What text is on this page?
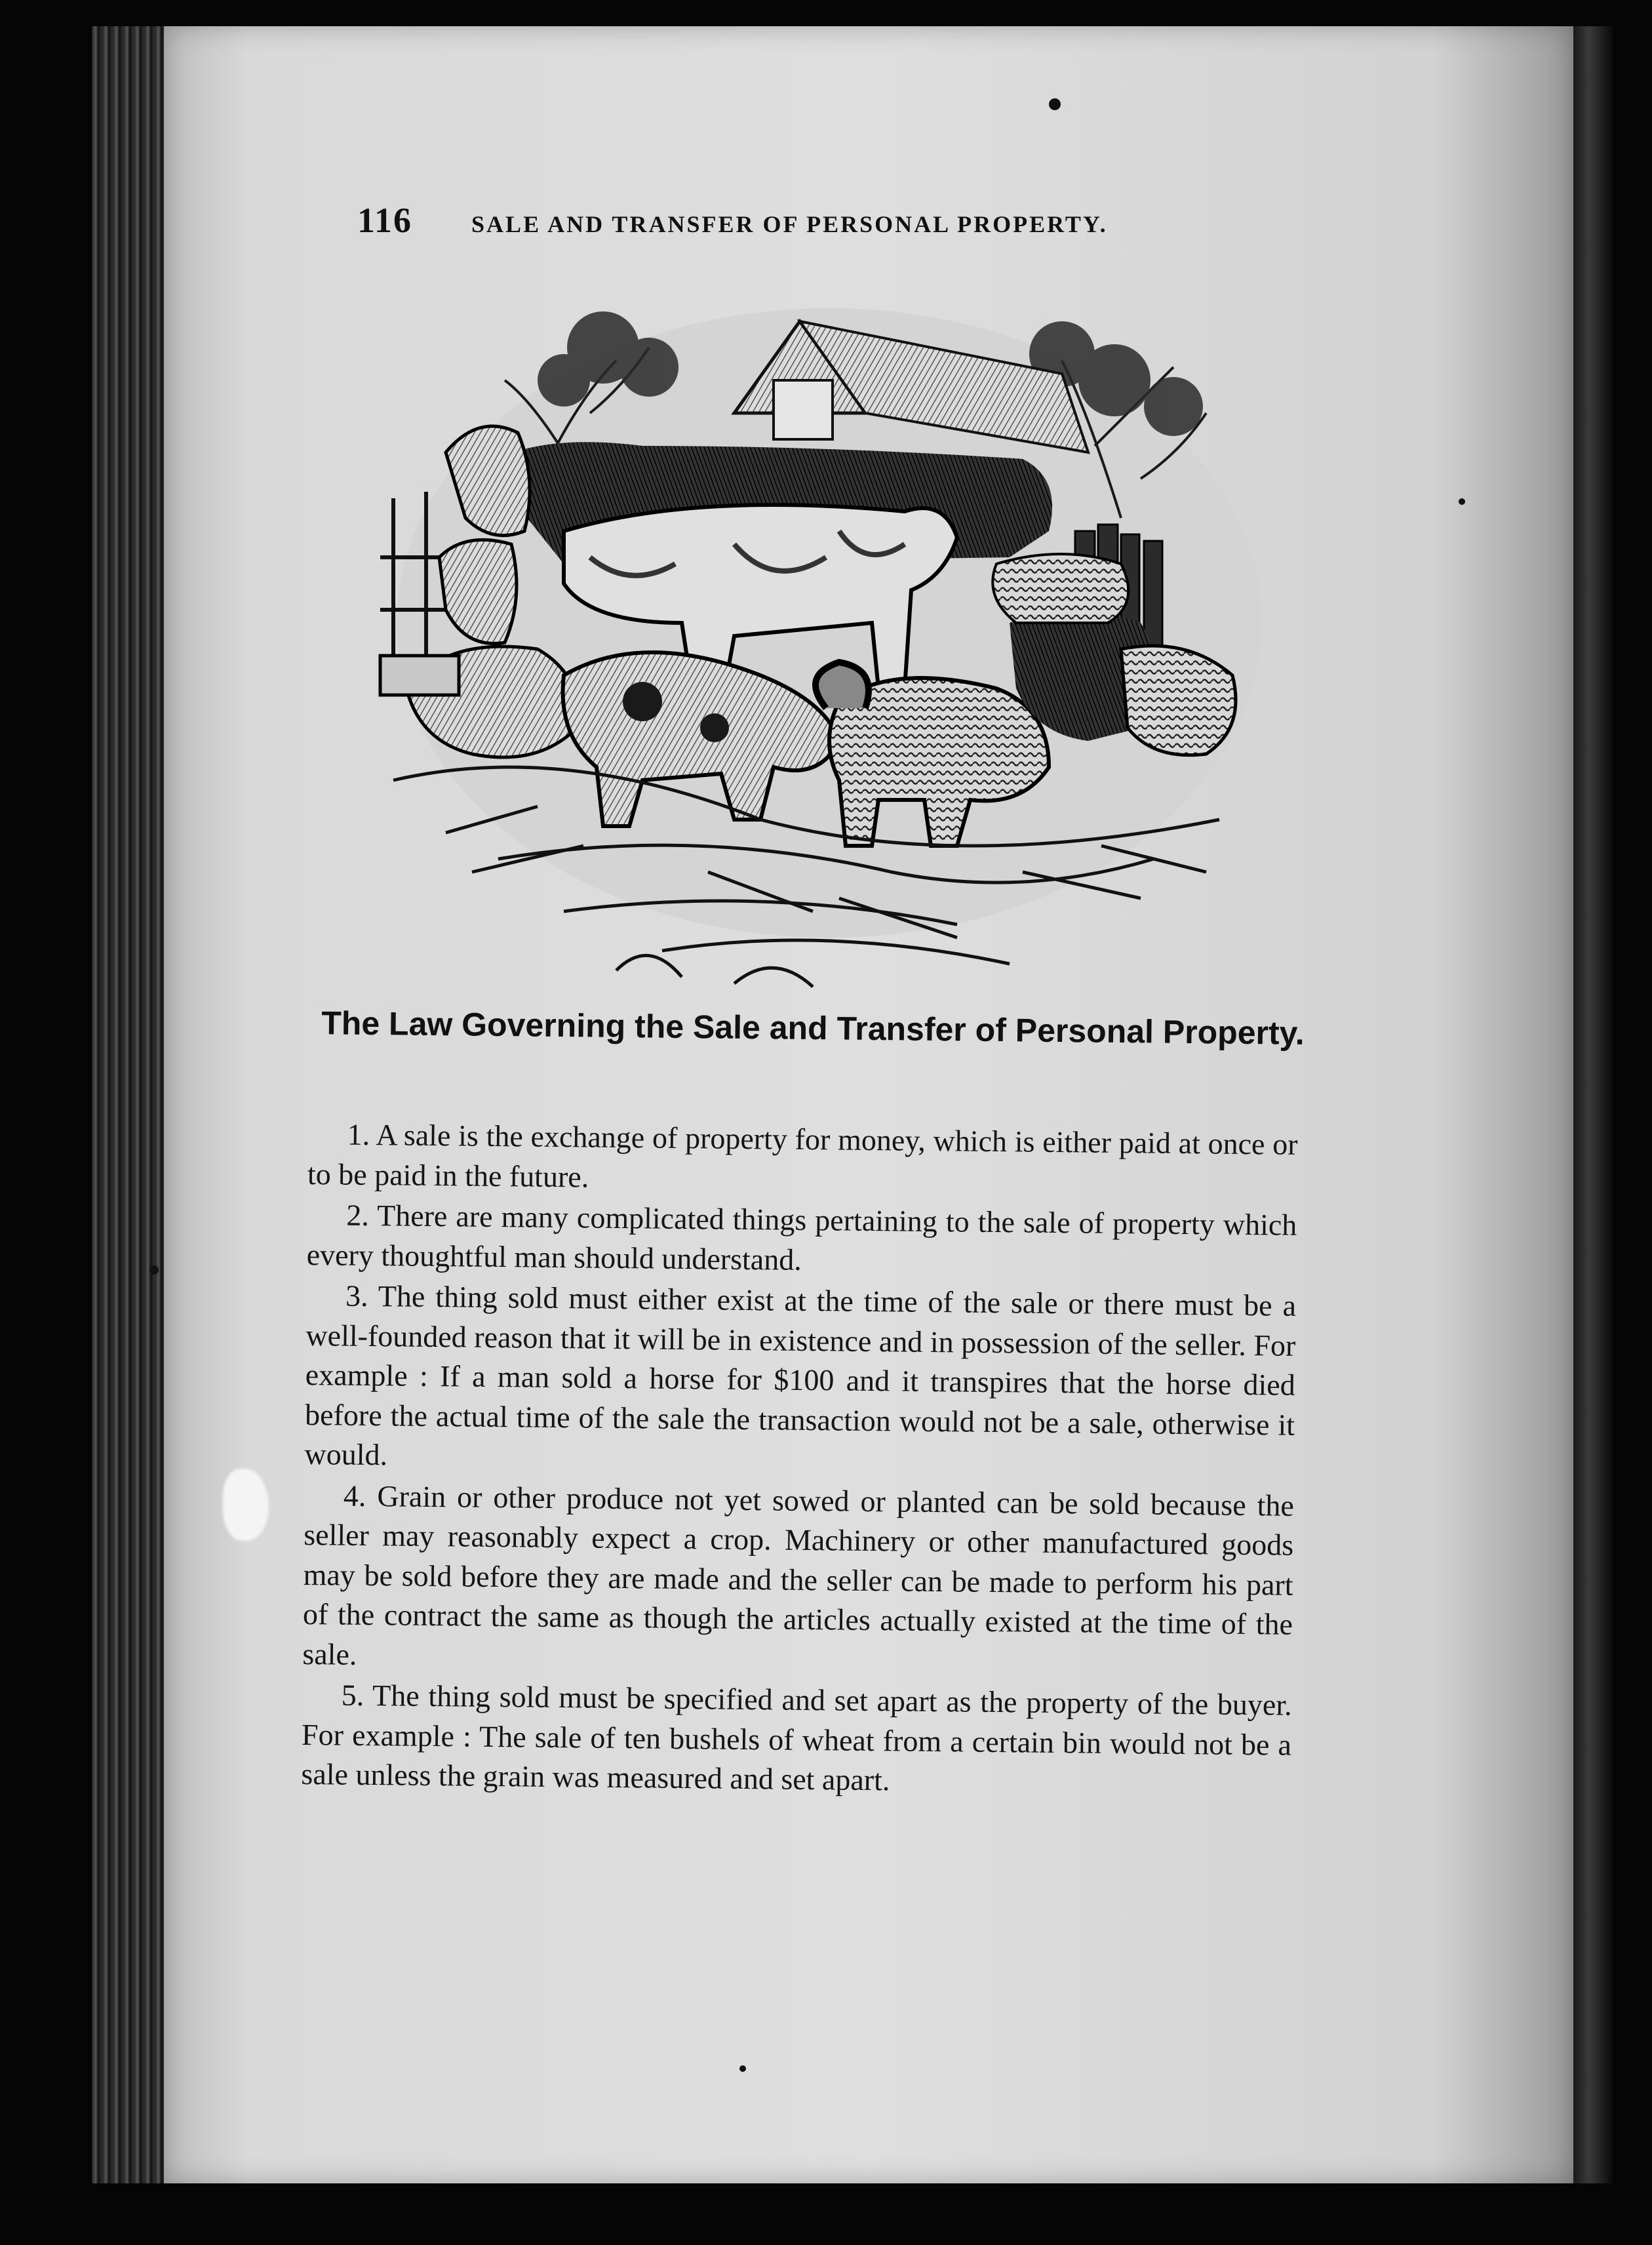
116	SALE AND TRANSFER OF PERSONAL PROPERTY.
The Law Governing the Sale and Transfer of Personal Property.

1. A sale is the exchange of property for money, which is either paid at once or to be paid in the future.

2. There are many complicated things pertaining to the sale of property which every thoughtful man should understand.

3. The thing sold must either exist at the time of the sale or there must be a well-founded reason that it will be in existence and in possession of the seller. For example : If a man sold a horse for $100 and it transpires that the horse died before the actual time of the sale the transaction would not be a sale, otherwise it would.

4. Grain or other produce not yet sowed or planted can be sold because the seller may reasonably expect a crop. Machinery or other manufactured goods may be sold before they are made and the seller can be made to perform his part of the contract the same as though the articles actually existed at the time of the sale.

5. The thing sold must be specified and set apart as the property of the buyer. For example : The sale of ten bushels of wheat from a certain bin would not be a sale unless the grain was measured and set apart.
